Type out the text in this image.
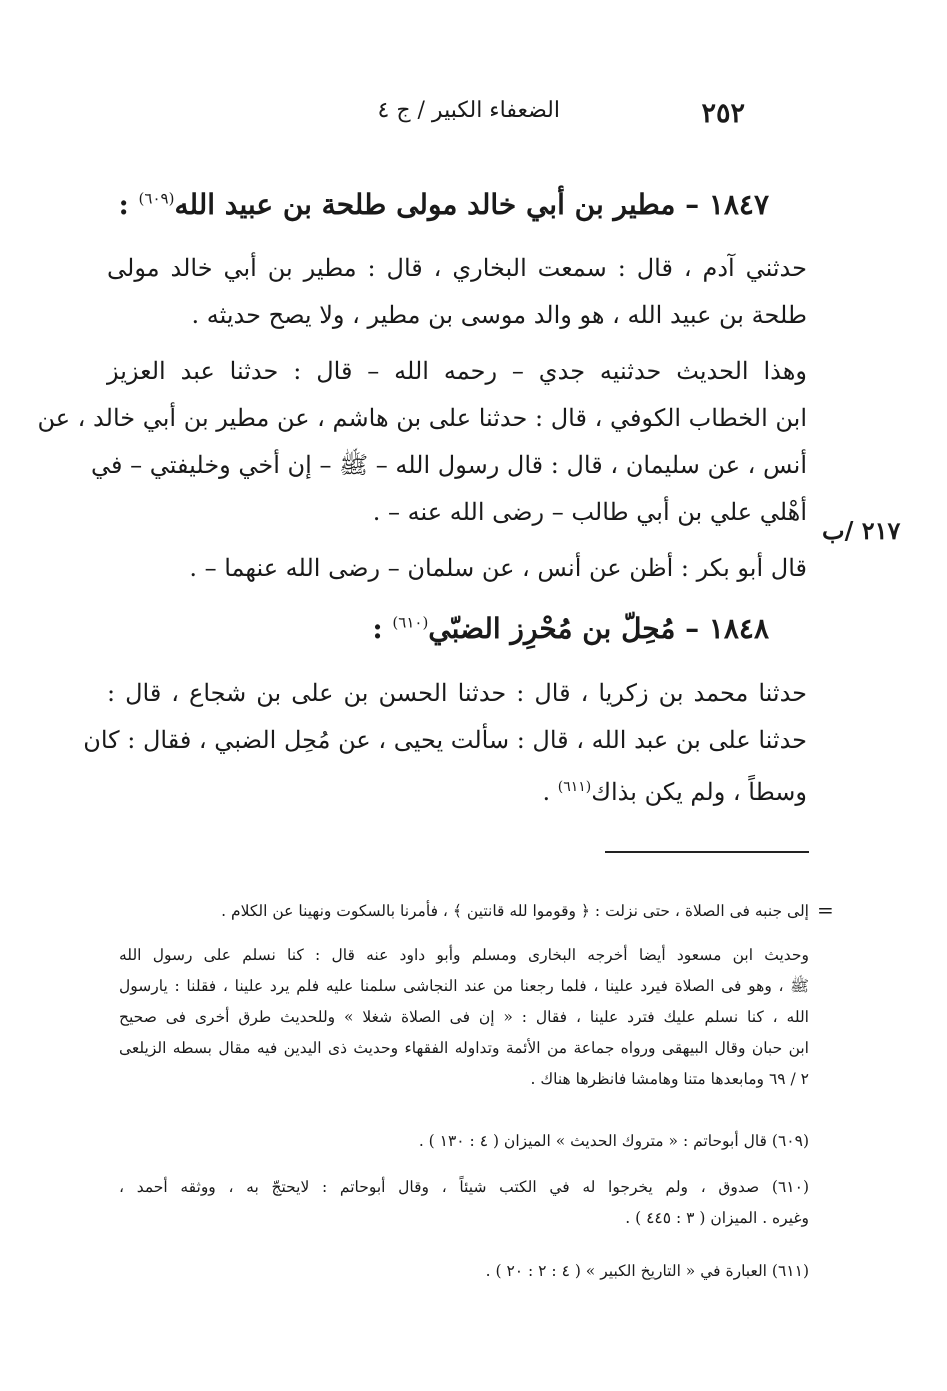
٢٥٢
الضعفاء الكبير / ج ٤
١٨٤٧ – مطير بن أبي خالد مولى طلحة بن عبيد الله$^{(٦٠٩)}$ :
حدثني آدم ، قال : سمعت البخاري ، قال : مطير بن أبي خالد مولى
طلحة بن عبيد الله ، هو والد موسى بن مطير ، ولا يصح حديثه .
وهذا الحديث حدثنيه جدي – رحمه الله – قال : حدثنا عبد العزيز
ابن الخطاب الكوفي ، قال : حدثنا على بن هاشم ، عن مطير بن أبي خالد ، عن
أنس ، عن سليمان ، قال : قال رسول الله – ﷺ – إن أخي وخليفتي – في
أهْلي علي بن أبي طالب – رضى الله عنه – .
٢١٧ /ب
قال أبو بكر : أظن عن أنس ، عن سلمان – رضى الله عنهما – .
١٨٤٨ – مُحِلّ بن مُحْرِز الضبّي$^{(٦١٠)}$ :
حدثنا محمد بن زكريا ، قال : حدثنا الحسن بن على بن شجاع ، قال :
حدثنا على بن عبد الله ، قال : سألت يحيى ، عن مُحِل الضبي ، فقال : كان
وسطاً ، ولم يكن بذاك$^{(٦١١)}$ .
=
إلى جنبه فى الصلاة ، حتى نزلت : ﴿ وقوموا لله قانتين ﴾ ، فأمرنا بالسكوت ونهينا عن الكلام .
وحديث ابن مسعود أيضا أخرجه البخارى ومسلم وأبو داود عنه قال : كنا نسلم على رسول الله
ﷺ ، وهو فى الصلاة فيرد علينا ، فلما رجعنا من عند النجاشى سلمنا عليه فلم يرد علينا ، فقلنا : يارسول
الله ، كنا نسلم عليك فترد علينا ، فقال : « إن فى الصلاة شغلا » وللحديث طرق أخرى فى صحيح
ابن حبان وقال البيهقى ورواه جماعة من الأئمة وتداوله الفقهاء وحديث ذى اليدين فيه مقال بسطه الزيلعى
٢ / ٦٩ ومابعدها متنا وهامشا فانظرها هناك .
(٦٠٩) قال أبوحاتم : « متروك الحديث » الميزان ( ٤ : ١٣٠ ) .
(٦١٠) صدوق ، ولم يخرجوا له في الكتب شيئاً ، وقال أبوحاتم : لايحتجّ به ، ووثقه أحمد ،
وغيره . الميزان ( ٣ : ٤٤٥ ) .
(٦١١) العبارة في « التاريخ الكبير » ( ٤ : ٢ : ٢٠ ) .
